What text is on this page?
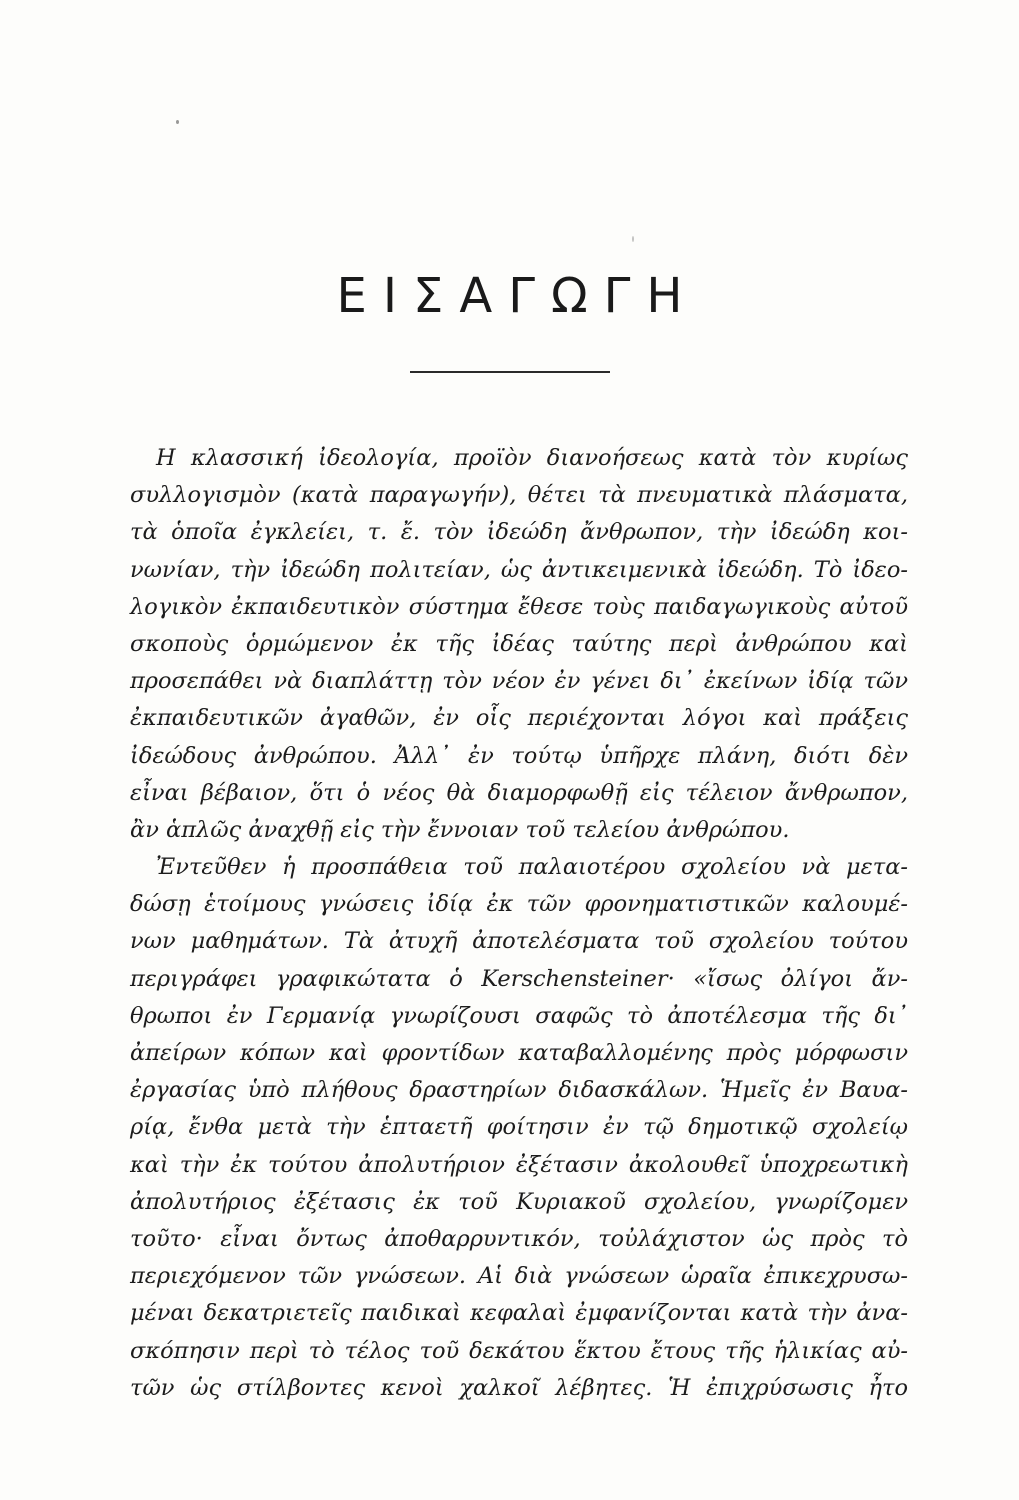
ΕΙΣΑΓΩΓΗ
Η κλασσική ἰδεολογία, προϊὸν διανοήσεως κατὰ τὸν κυρίως
συλλογισμὸν (κατὰ παραγωγήν), θέτει τὰ πνευματικὰ πλάσματα,
τὰ ὁποῖα ἐγκλείει, τ. ἔ. τὸν ἰδεώδη ἄνθρωπον, τὴν ἰδεώδη κοι-
νωνίαν, τὴν ἰδεώδη πολιτείαν, ὡς ἀντικειμενικὰ ἰδεώδη. Τὸ ἰδεο-
λογικὸν ἐκπαιδευτικὸν σύστημα ἔθεσε τοὺς παιδαγωγικοὺς αὐτοῦ
σκοποὺς ὁρμώμενον ἐκ τῆς ἰδέας ταύτης περὶ ἀνθρώπου καὶ
προσεπάθει νὰ διαπλάττῃ τὸν νέον ἐν γένει δι᾽ ἐκείνων ἰδίᾳ τῶν
ἐκπαιδευτικῶν ἀγαθῶν, ἐν οἷς περιέχονται λόγοι καὶ πράξεις
ἰδεώδους ἀνθρώπου. Ἀλλ᾽ ἐν τούτῳ ὑπῆρχε πλάνη, διότι δὲν
εἶναι βέβαιον, ὅτι ὁ νέος θὰ διαμορφωθῇ εἰς τέλειον ἄνθρωπον,
ἂν ἁπλῶς ἀναχθῇ εἰς τὴν ἔννοιαν τοῦ τελείου ἀνθρώπου.
Ἐντεῦθεν ἡ προσπάθεια τοῦ παλαιοτέρου σχολείου νὰ μετα-
δώσῃ ἑτοίμους γνώσεις ἰδίᾳ ἐκ τῶν φρονηματιστικῶν καλουμέ-
νων μαθημάτων. Τὰ ἀτυχῆ ἀποτελέσματα τοῦ σχολείου τούτου
περιγράφει γραφικώτατα ὁ Kerschensteiner· «ἴσως ὀλίγοι ἄν-
θρωποι ἐν Γερμανίᾳ γνωρίζουσι σαφῶς τὸ ἀποτέλεσμα τῆς δι᾽
ἀπείρων κόπων καὶ φροντίδων καταβαλλομένης πρὸς μόρφωσιν
ἐργασίας ὑπὸ πλήθους δραστηρίων διδασκάλων. Ἡμεῖς ἐν Βαυα-
ρίᾳ, ἔνθα μετὰ τὴν ἑπταετῆ φοίτησιν ἐν τῷ δημοτικῷ σχολείῳ
καὶ τὴν ἐκ τούτου ἀπολυτήριον ἐξέτασιν ἀκολουθεῖ ὑποχρεωτικὴ
ἀπολυτήριος ἐξέτασις ἐκ τοῦ Κυριακοῦ σχολείου, γνωρίζομεν
τοῦτο· εἶναι ὄντως ἀποθαρρυντικόν, τοὐλάχιστον ὡς πρὸς τὸ
περιεχόμενον τῶν γνώσεων. Αἱ διὰ γνώσεων ὡραῖα ἐπικεχρυσω-
μέναι δεκατριετεῖς παιδικαὶ κεφαλαὶ ἐμφανίζονται κατὰ τὴν ἀνα-
σκόπησιν περὶ τὸ τέλος τοῦ δεκάτου ἕκτου ἔτους τῆς ἡλικίας αὐ-
τῶν ὡς στίλβοντες κενοὶ χαλκοῖ λέβητες. Ἡ ἐπιχρύσωσις ἦτο
